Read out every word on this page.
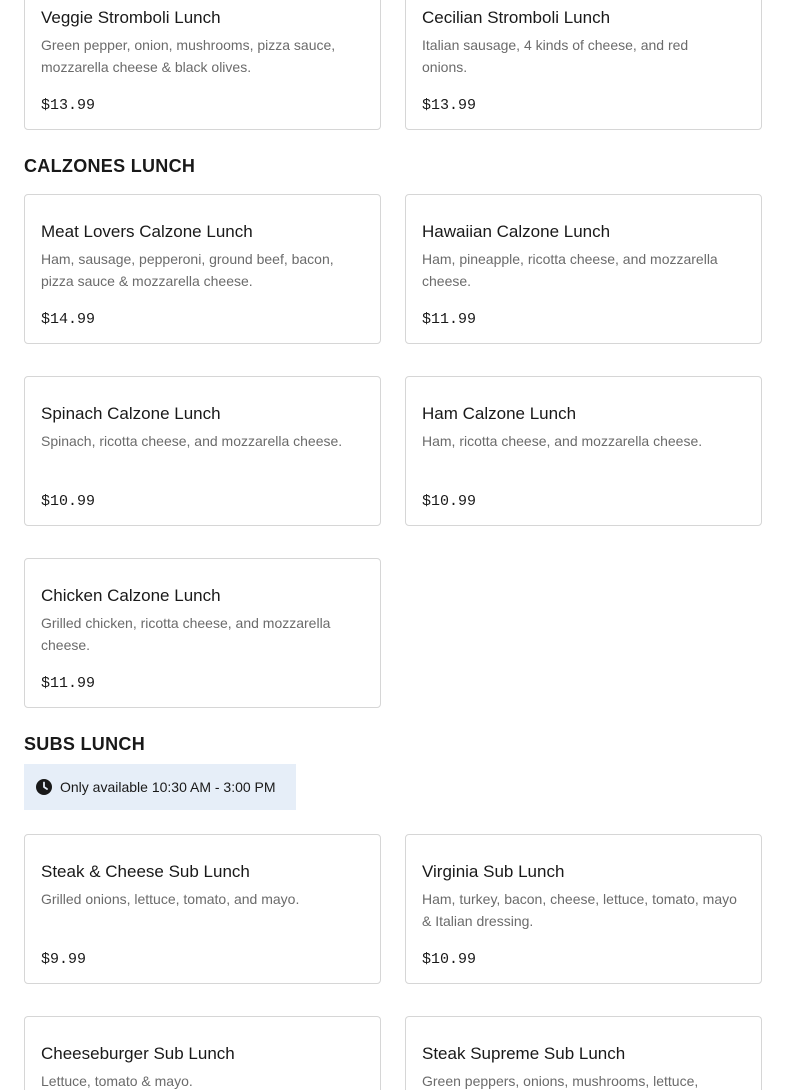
Veggie Stromboli Lunch
Green pepper, onion, mushrooms, pizza sauce, mozzarella cheese & black olives.
$13.99
Cecilian Stromboli Lunch
Italian sausage, 4 kinds of cheese, and red onions.
$13.99
CALZONES LUNCH
Meat Lovers Calzone Lunch
Ham, sausage, pepperoni, ground beef, bacon, pizza sauce & mozzarella cheese.
$14.99
Hawaiian Calzone Lunch
Ham, pineapple, ricotta cheese, and mozzarella cheese.
$11.99
Spinach Calzone Lunch
Spinach, ricotta cheese, and mozzarella cheese.
$10.99
Ham Calzone Lunch
Ham, ricotta cheese, and mozzarella cheese.
$10.99
Chicken Calzone Lunch
Grilled chicken, ricotta cheese, and mozzarella cheese.
$11.99
SUBS LUNCH
Only available 10:30 AM - 3:00 PM
Steak & Cheese Sub Lunch
Grilled onions, lettuce, tomato, and mayo.
$9.99
Virginia Sub Lunch
Ham, turkey, bacon, cheese, lettuce, tomato, mayo & Italian dressing.
$10.99
Cheeseburger Sub Lunch
Lettuce, tomato & mayo.
Steak Supreme Sub Lunch
Green peppers, onions, mushrooms, lettuce,
